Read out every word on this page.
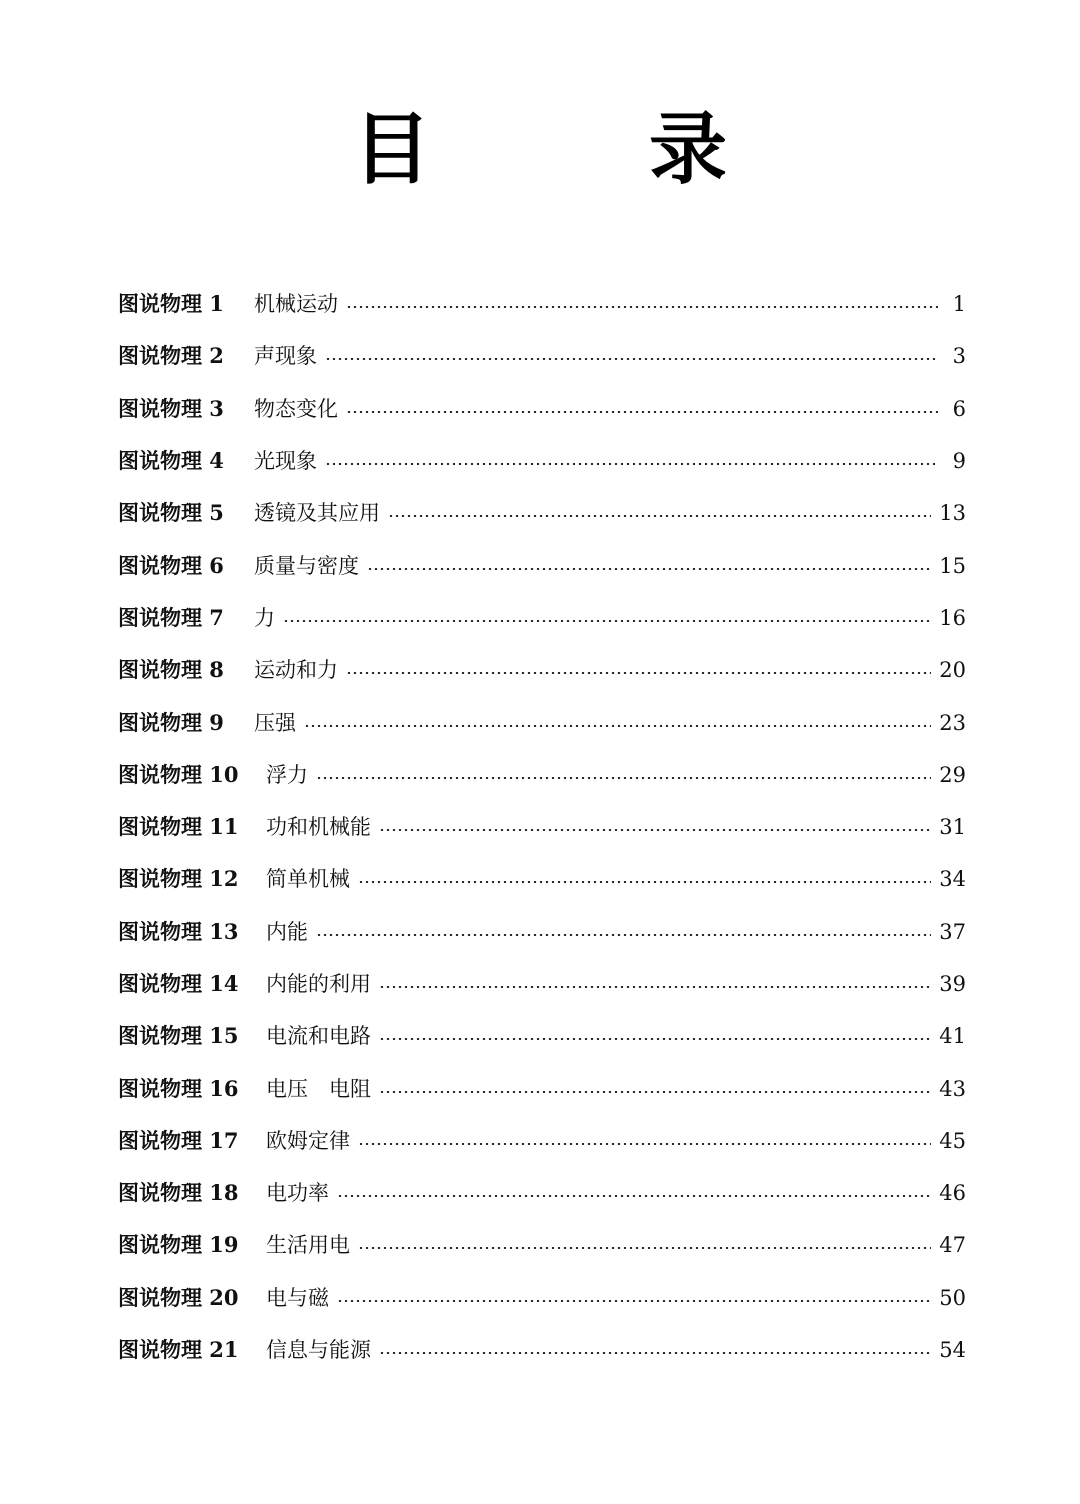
目　录
图说物理 1	机械运动	1
图说物理 2	声现象	3
图说物理 3	物态变化	6
图说物理 4	光现象	9
图说物理 5	透镜及其应用	13
图说物理 6	质量与密度	15
图说物理 7	力	16
图说物理 8	运动和力	20
图说物理 9	压强	23
图说物理 10	浮力	29
图说物理 11	功和机械能	31
图说物理 12	简单机械	34
图说物理 13	内能	37
图说物理 14	内能的利用	39
图说物理 15	电流和电路	41
图说物理 16	电压　电阻	43
图说物理 17	欧姆定律	45
图说物理 18	电功率	46
图说物理 19	生活用电	47
图说物理 20	电与磁	50
图说物理 21	信息与能源	54
